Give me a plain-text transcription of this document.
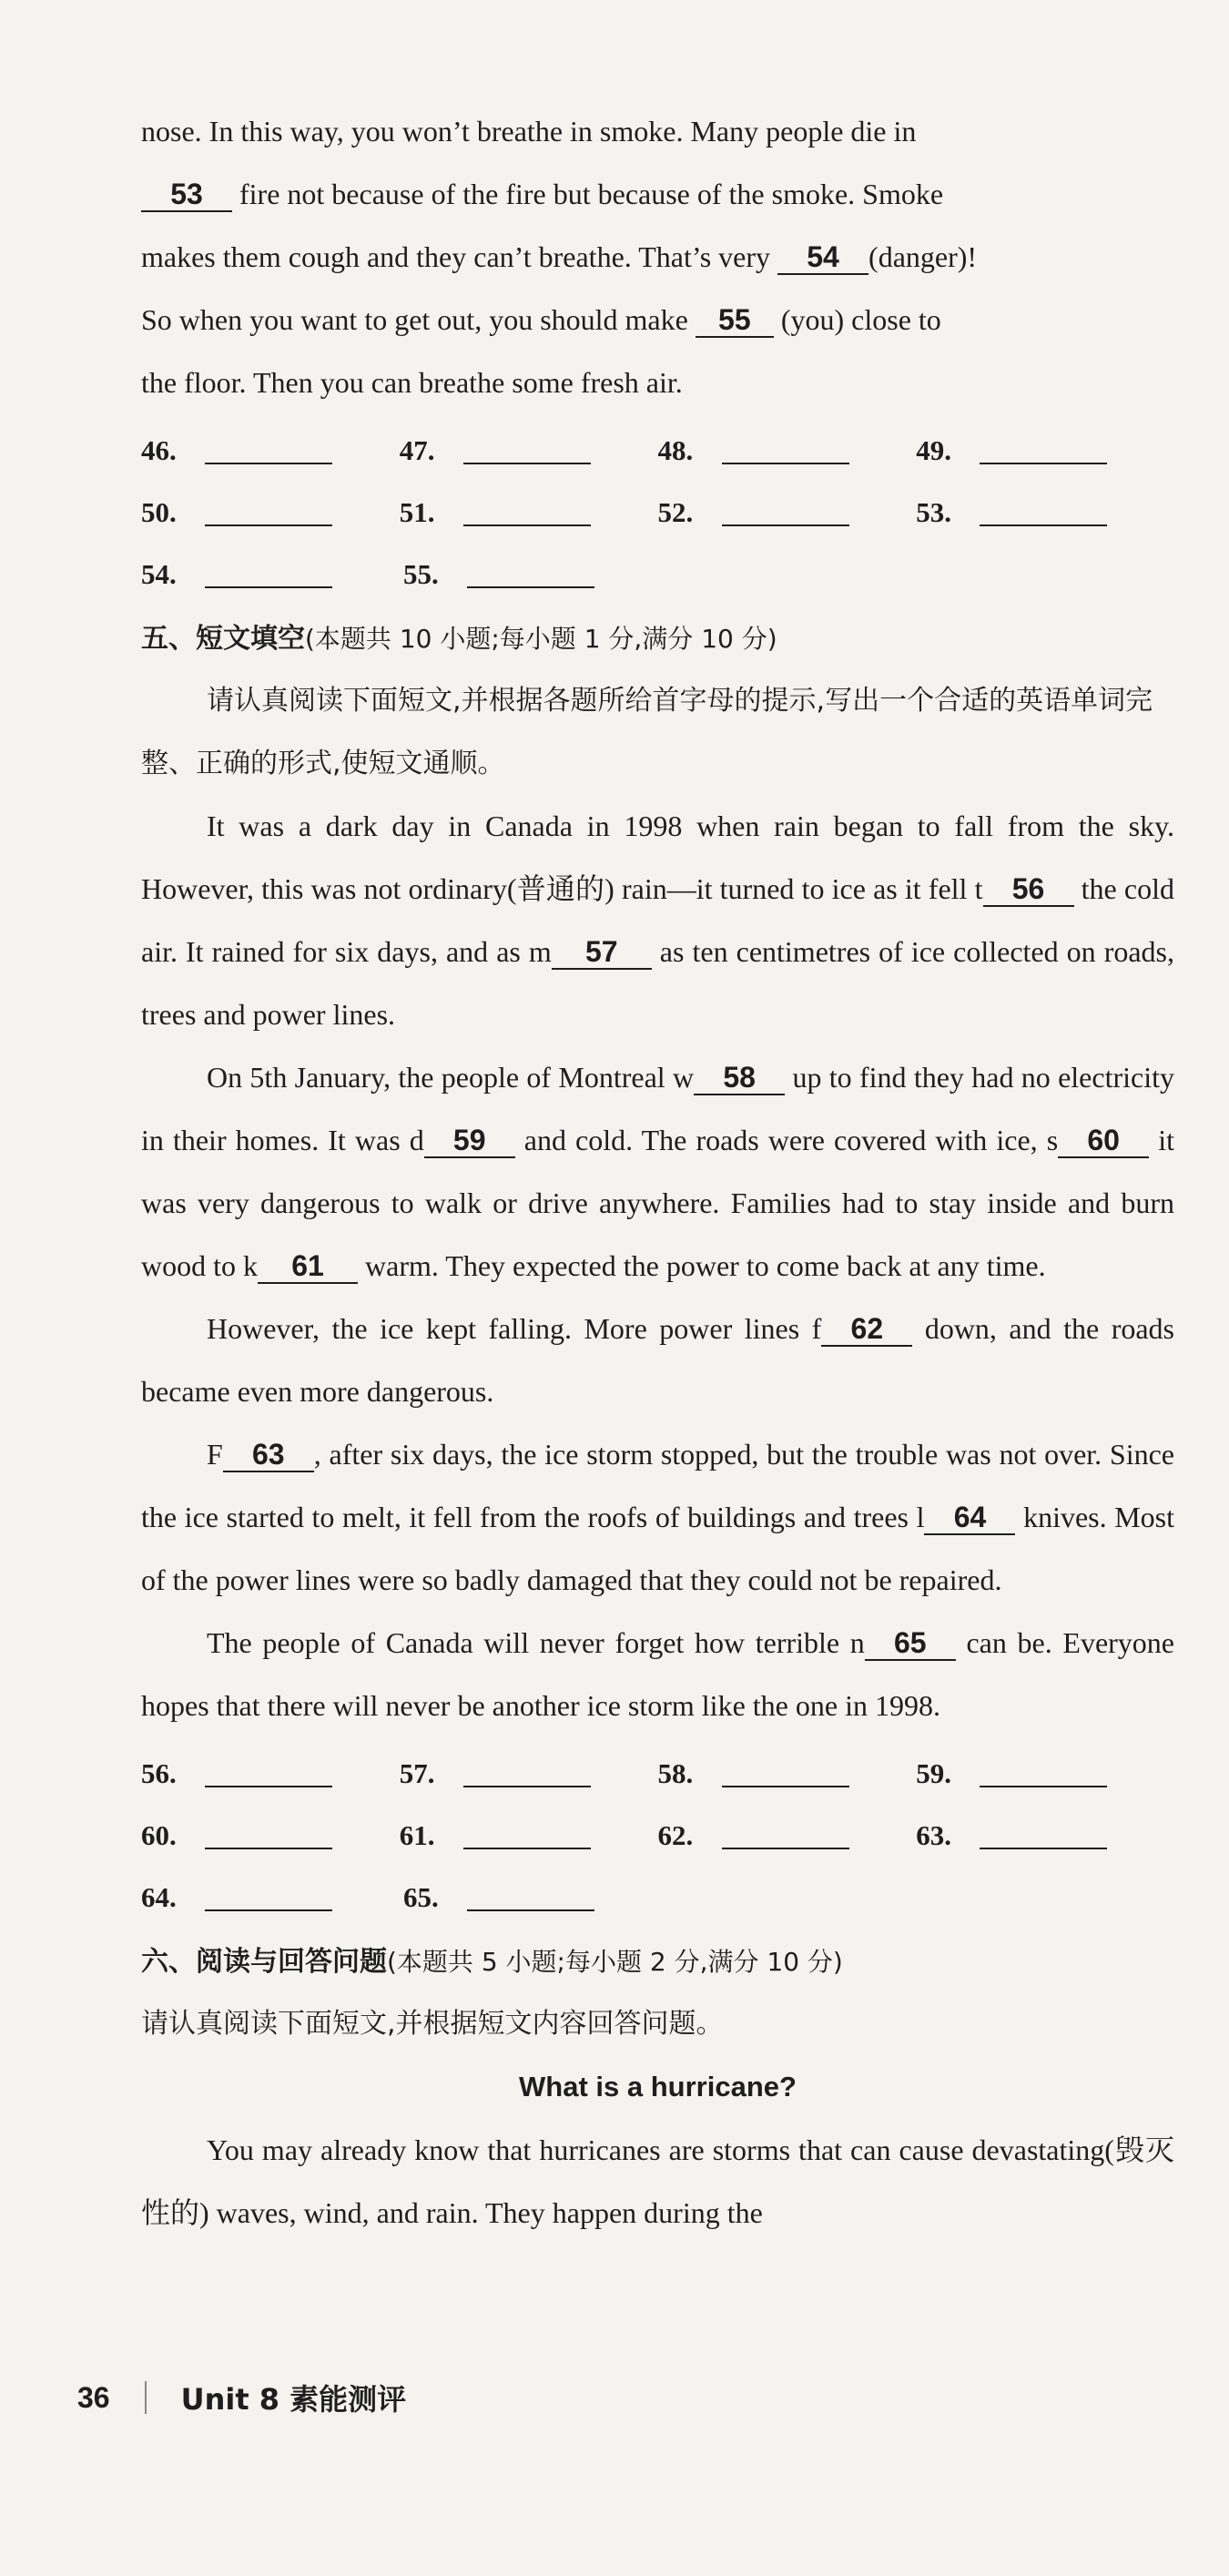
nose. In this way, you won’t breathe in smoke. Many people die in
53 fire not because of the fire but because of the smoke. Smoke
makes them cough and they can’t breathe. That’s very 54 (danger)!
So when you want to get out, you should make 55 (you) close to
the floor. Then you can breathe some fresh air.

46.	47.	48.	49.
50.	51.	52.	53.
54.	55.

五、短文填空(本题共 10 小题;每小题 1 分,满分 10 分)

请认真阅读下面短文,并根据各题所给首字母的提示,写出一个合适的英语单词完整、正确的形式,使短文通顺。

It was a dark day in Canada in 1998 when rain began to fall from the sky. However, this was not ordinary(普通的) rain—it turned to ice as it fell t 56 the cold air. It rained for six days, and as m 57 as ten centimetres of ice collected on roads, trees and power lines.

On 5th January, the people of Montreal w 58 up to find they had no electricity in their homes. It was d 59 and cold. The roads were covered with ice, s 60 it was very dangerous to walk or drive anywhere. Families had to stay inside and burn wood to k 61 warm. They expected the power to come back at any time.

However, the ice kept falling. More power lines f 62 down, and the roads became even more dangerous.

F 63 , after six days, the ice storm stopped, but the trouble was not over. Since the ice started to melt, it fell from the roofs of buildings and trees l 64 knives. Most of the power lines were so badly damaged that they could not be repaired.

The people of Canada will never forget how terrible n 65 can be. Everyone hopes that there will never be another ice storm like the one in 1998.

56.	57.	58.	59.
60.	61.	62.	63.
64.	65.

六、阅读与回答问题(本题共 5 小题;每小题 2 分,满分 10 分)

请认真阅读下面短文,并根据短文内容回答问题。

What is a hurricane?

You may already know that hurricanes are storms that can cause devastating(毁灭性的) waves, wind, and rain. They happen during the

36 Unit 8 素能测评
